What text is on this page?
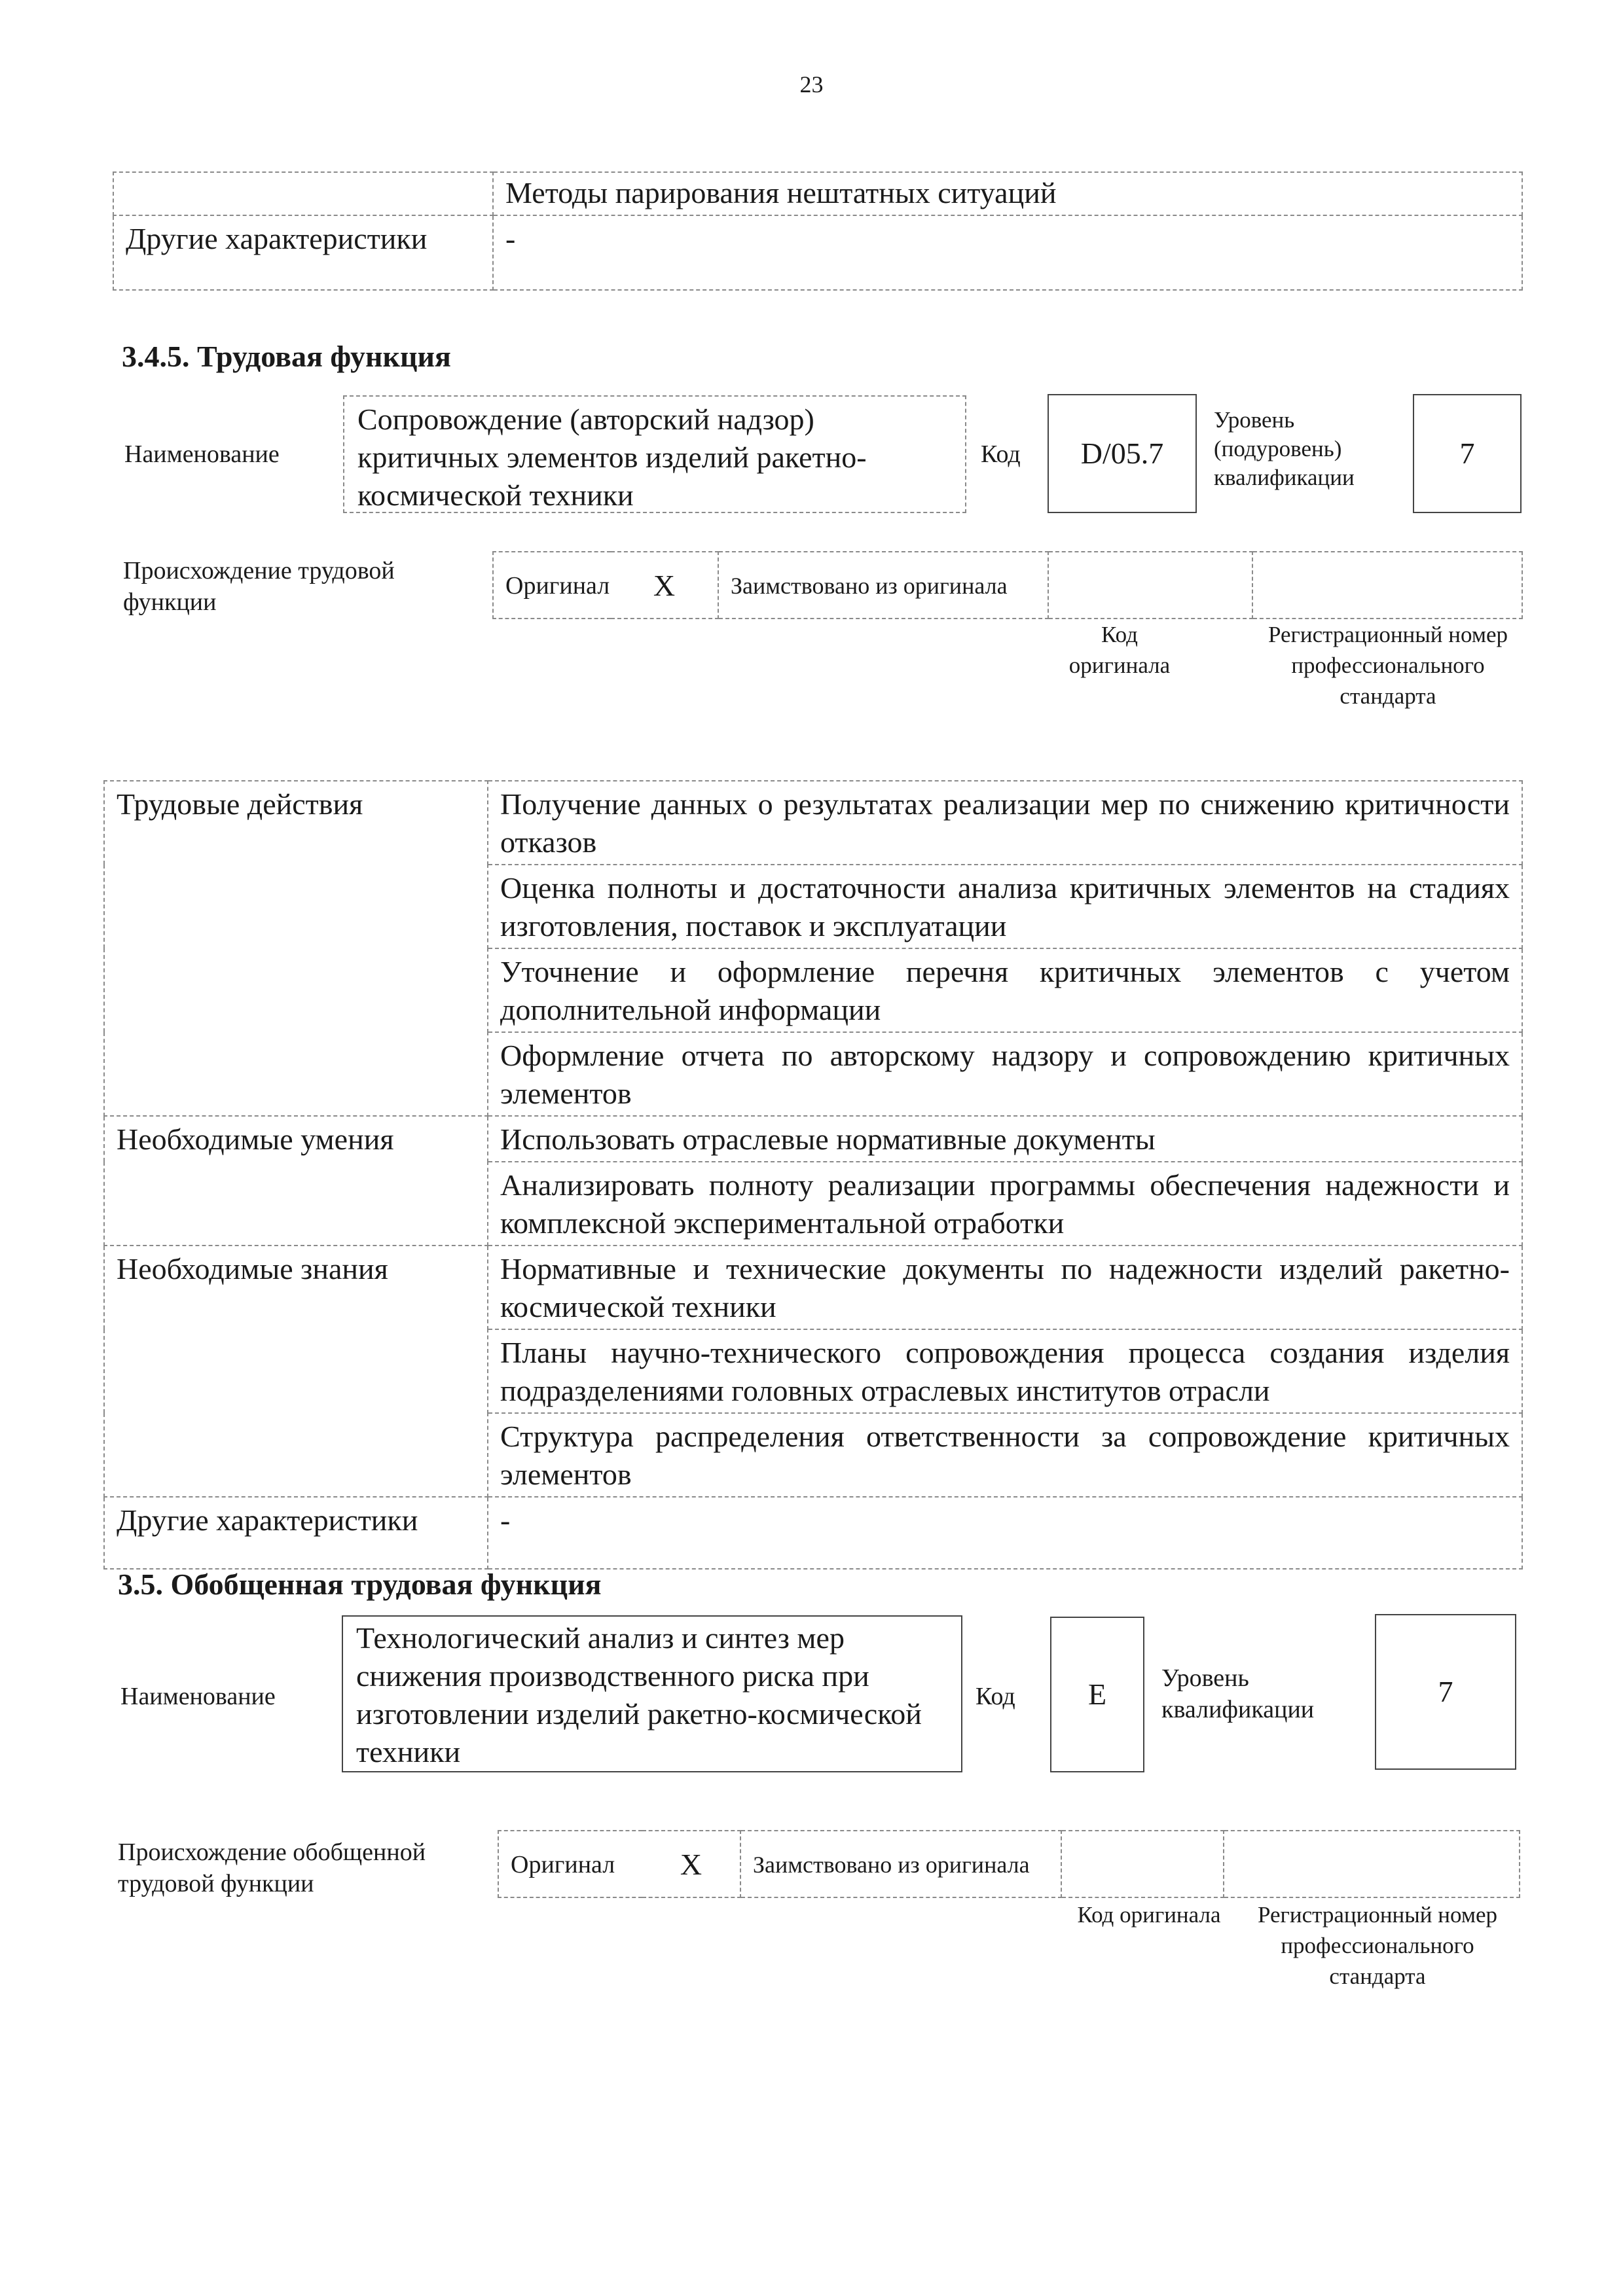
23
	Методы парирования нештатных ситуаций
Другие характеристики	-
3.4.5. Трудовая функция
Наименование
Сопровождение (авторский надзор) критичных элементов изделий ракетно-космической техники
Код D/05.7
Уровень (подуровень) квалификации
7
Происхождение трудовой функции
Оригинал	X	Заимствовано из оригинала		
Код оригинала
Регистрационный номер профессионального стандарта
Трудовые действия	Получение данных о результатах реализации мер по снижению критичности отказов
	Оценка полноты и достаточности анализа критичных элементов на стадиях изготовления, поставок и эксплуатации
	Уточнение и оформление перечня критичных элементов с учетом дополнительной информации
	Оформление отчета по авторскому надзору и сопровождению критичных элементов
Необходимые умения	Использовать отраслевые нормативные документы
	Анализировать полноту реализации программы обеспечения надежности и комплексной экспериментальной отработки
Необходимые знания	Нормативные и технические документы по надежности изделий ракетно-космической техники
	Планы научно-технического сопровождения процесса создания изделия подразделениями головных отраслевых институтов отрасли
	Структура распределения ответственности за сопровождение критичных элементов
Другие характеристики	-
3.5. Обобщенная трудовая функция
Наименование
Технологический анализ и синтез мер снижения производственного риска при изготовлении изделий ракетно-космической техники
Код E Уровень квалификации
7
Происхождение обобщенной трудовой функции
Оригинал	X	Заимствовано из оригинала		
Код оригинала	Регистрационный номер профессионального стандарта
